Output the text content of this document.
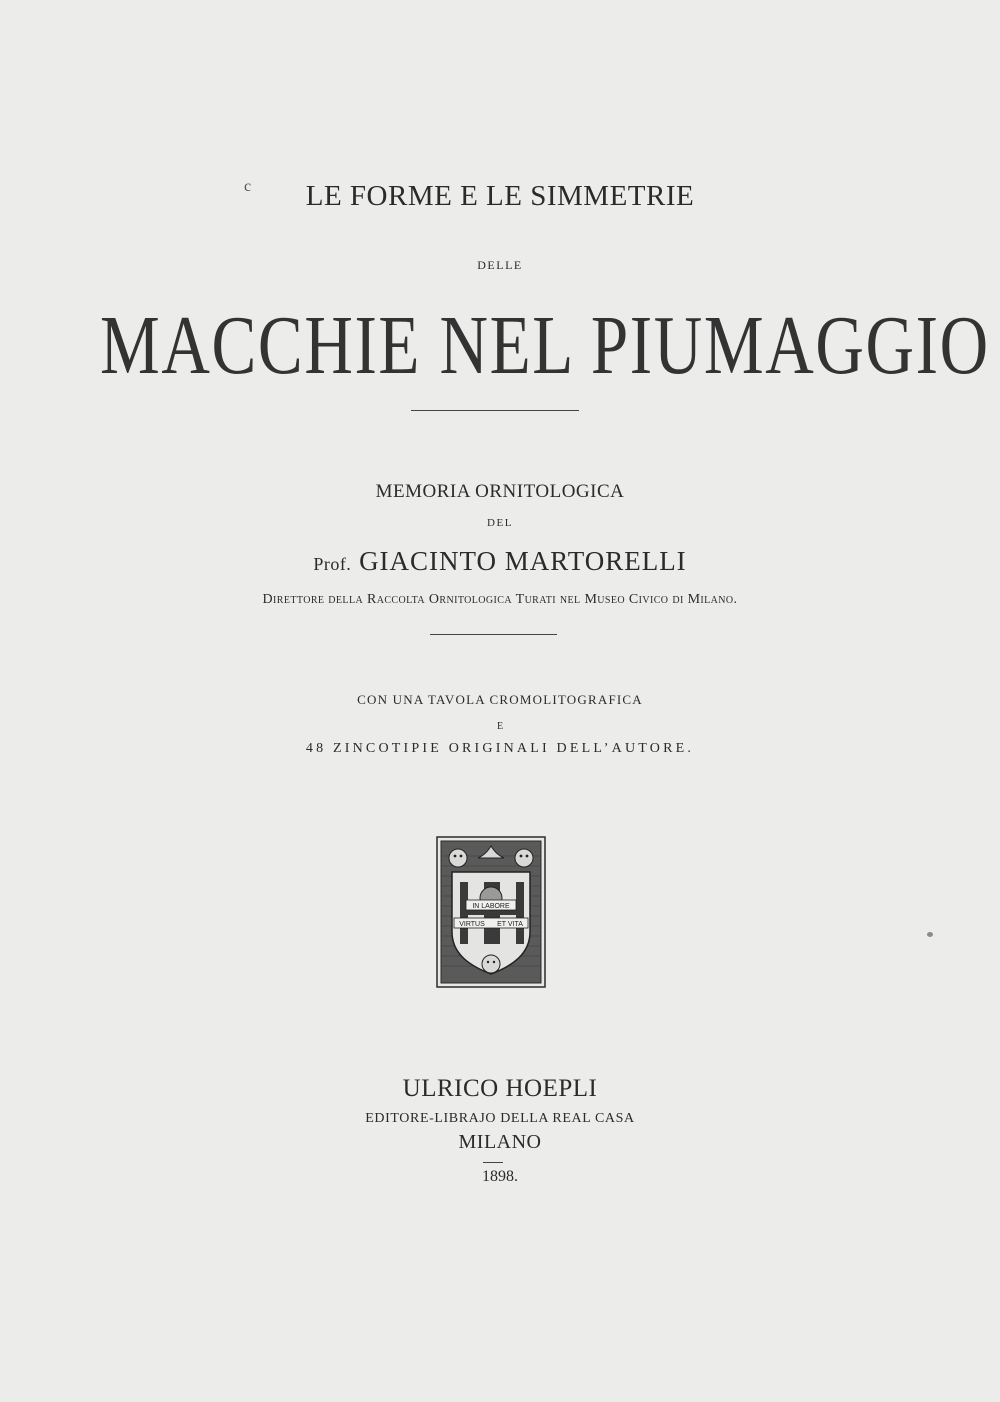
c	LE FORME E LE SIMMETRIE
DELLE
MACCHIE NEL PIUMAGGIO
MEMORIA ORNITOLOGICA
DEL
Prof. GIACINTO MARTORELLI
Direttore della Raccolta Ornitologica Turati nel Museo Civico di Milano.
CON UNA TAVOLA CROMOLITOGRAFICA
E
48 ZINCOTIPIE ORIGINALI DELL’AUTORE.
IN LABORE
VIRTUS ET VITA
ULRICO HOEPLI
EDITORE-LIBRAJO DELLA REAL CASA
MILANO
1898.
